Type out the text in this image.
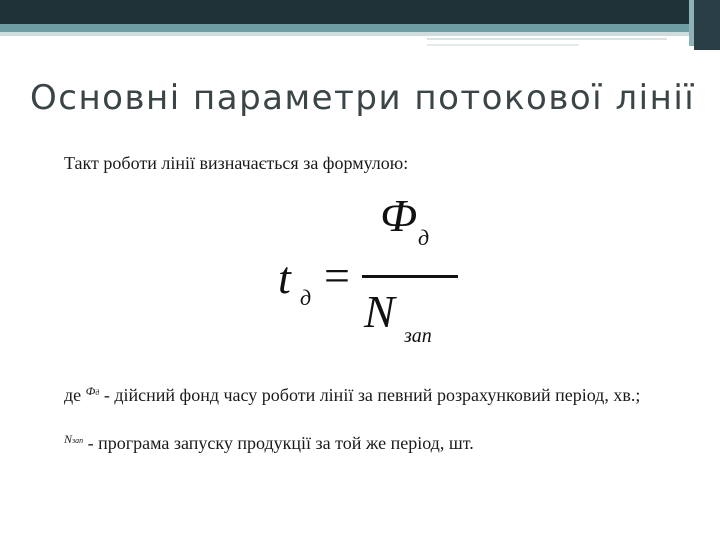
Основні параметри потокової лінії
Такт роботи лінії визначається за формулою:
t д =
Ф д
N зап
де $^{Фд}$ - дійсний фонд часу роботи лінії за певний розрахунковий період, хв.;
$^{Nзап}$ - програма запуску продукції за той же період, шт.
